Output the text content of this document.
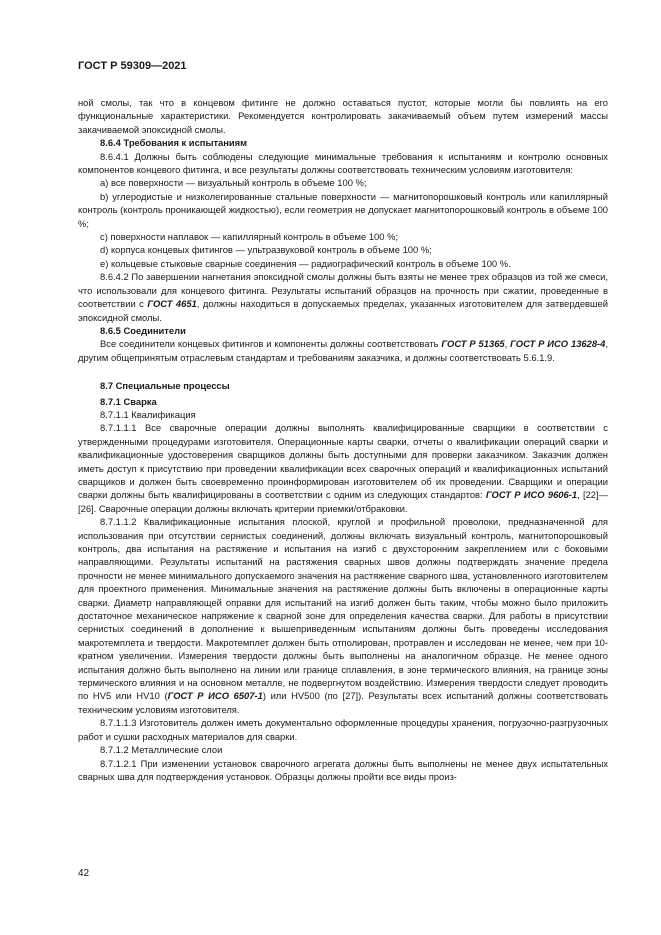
ГОСТ Р 59309—2021

ной смолы, так что в концевом фитинге не должно оставаться пустот, которые могли бы повлиять на его функциональные характеристики. Рекомендуется контролировать закачиваемый объем путем измерений массы закачиваемой эпоксидной смолы.

8.6.4 Требования к испытаниям

8.6.4.1 Должны быть соблюдены следующие минимальные требования к испытаниям и контролю основных компонентов концевого фитинга, и все результаты должны соответствовать техническим условиям изготовителя:

а) все поверхности — визуальный контроль в объеме 100 %;

b) углеродистые и низколегированные стальные поверхности — магнитопорошковый контроль или капиллярный контроль (контроль проникающей жидкостью), если геометрия не допускает магнитопорошковый контроль в объеме 100 %;

с) поверхности наплавок — капиллярный контроль в объеме 100 %;

d) корпуса концевых фитингов — ультразвуковой контроль в объеме 100 %;

е) кольцевые стыковые сварные соединения — радиографический контроль в объеме 100 %.

8.6.4.2 По завершении нагнетания эпоксидной смолы должны быть взяты не менее трех образцов из той же смеси, что использовали для концевого фитинга. Результаты испытаний образцов на прочность при сжатии, проведенные в соответствии с ГОСТ 4651, должны находиться в допускаемых пределах, указанных изготовителем для затвердевшей эпоксидной смолы.

8.6.5 Соединители

Все соединители концевых фитингов и компоненты должны соответствовать ГОСТ Р 51365, ГОСТ Р ИСО 13628-4, другим общепринятым отраслевым стандартам и требованиям заказчика, и должны соответствовать 5.6.1.9.

8.7 Специальные процессы

8.7.1 Сварка

8.7.1.1 Квалификация

8.7.1.1.1 Все сварочные операции должны выполнять квалифицированные сварщики в соответствии с утвержденными процедурами изготовителя. Операционные карты сварки, отчеты о квалификации операций сварки и квалификационные удостоверения сварщиков должны быть доступными для проверки заказчиком. Заказчик должен иметь доступ к присутствию при проведении квалификации всех сварочных операций и квалификационных испытаний сварщиков и должен быть своевременно проинформирован изготовителем об их проведении. Сварщики и операции сварки должны быть квалифицированы в соответствии с одним из следующих стандартов: ГОСТ Р ИСО 9606-1, [22]—[26]. Сварочные операции должны включать критерии приемки/отбраковки.

8.7.1.1.2 Квалификационные испытания плоской, круглой и профильной проволоки, предназначенной для использования при отсутствии сернистых соединений, должны включать визуальный контроль, магнитопорошковый контроль, два испытания на растяжение и испытания на изгиб с двухсторонним закреплением или с боковыми направляющими. Результаты испытаний на растяжения сварных швов должны подтверждать значение предела прочности не менее минимального допускаемого значения на растяжение сварного шва, установленного изготовителем для проектного применения. Минимальные значения на растяжение должны быть включены в операционные карты сварки. Диаметр направляющей оправки для испытаний на изгиб должен быть таким, чтобы можно было приложить достаточное механическое напряжение к сварной зоне для определения качества сварки. Для работы в присутствии сернистых соединений в дополнение к вышеприведенным испытаниям должны быть проведены исследования макротемплета и твердости. Макротемплет должен быть отполирован, протравлен и исследован не менее, чем при 10-кратном увеличении. Измерения твердости должны быть выполнены на аналогичном образце. Не менее одного испытания должно быть выполнено на линии или границе сплавления, в зоне термического влияния, на границе зоны термического влияния и на основном металле, не подвергнутом воздействию. Измерения твердости следует проводить по HV5 или HV10 (ГОСТ Р ИСО 6507-1) или HV500 (по [27]). Результаты всех испытаний должны соответствовать техническим условиям изготовителя.

8.7.1.1.3 Изготовитель должен иметь документально оформленные процедуры хранения, погрузочно-разгрузочных работ и сушки расходных материалов для сварки.

8.7.1.2 Металлические слои

8.7.1.2.1 При изменении установок сварочного агрегата должны быть выполнены не менее двух испытательных сварных шва для подтверждения установок. Образцы должны пройти все виды произ-

42
